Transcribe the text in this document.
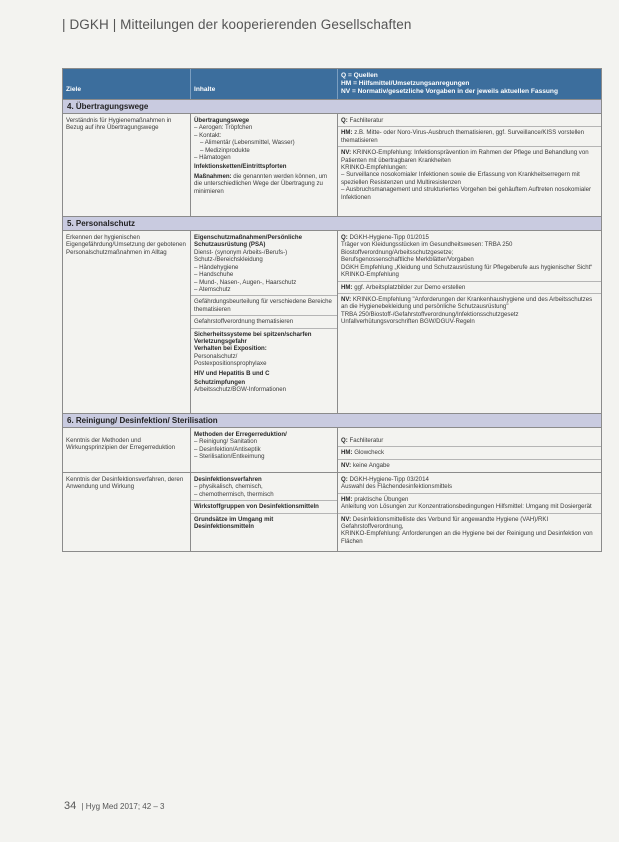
| DGKH | Mitteilungen der kooperierenden Gesellschaften
Ziele	Inhalte
Q = Quellen
HM = Hilfsmittel/Umsetzungsanregungen
NV = Normativ/gesetzliche Vorgaben in der jeweils aktuellen Fassung
4. Übertragungswege
Verständnis für Hygienemaßnahmen in Bezug auf ihre Übertragungswege
Übertragungswege
– Aerogen: Tröpfchen
– Kontakt:
– Alimentär (Lebensmittel, Wasser)
– Medizinprodukte
– Hämatogen
Infektionsketten/Eintrittspforten
Maßnahmen: die genannten werden können, um die unterschiedlichen Wege der Übertragung zu minimieren
Q: Fachliteratur
HM: z.B. Mitte- oder Noro-Virus-Ausbruch thematisieren, ggf. Surveillance/KISS vorstellen thematisieren
NV: KRINKO-Empfehlung: Infektionsprävention im Rahmen der Pflege und Behandlung von Patienten mit übertragbaren Krankheiten
KRINKO-Empfehlungen:
– Surveillance nosokomialer Infektionen sowie die Erfassung von Krankheitserregern mit speziellen Resistenzen und Multiresistenzen
– Ausbruchsmanagement und strukturiertes Vorgehen bei gehäuftem Auftreten nosokomialer Infektionen
5. Personalschutz
Erkennen der hygienischen Eigengefährdung/Umsetzung der gebotenen Personalschutzmaßnahmen im Alltag
Eigenschutzmaßnahmen/Persönliche Schutzausrüstung (PSA)
Dienst- (synonym Arbeits-/Berufs-) Schutz-/Bereichskleidung
– Händehygiene
– Handschuhe
– Mund-, Nasen-, Augen-, Haarschutz
– Atemschutz
Gefährdungsbeurteilung für verschiedene Bereiche thematisieren
Gefahrstoffverordnung thematisieren
Sicherheitssysteme bei spitzen/scharfen Verletzungsgefahr
Verhalten bei Exposition:
Personalschutz/
Postexpositionsprophylaxe
HIV und Hepatitis B und C
Schutzimpfungen
Arbeitsschutz/BGW-Informationen
Q: DGKH-Hygiene-Tipp 01/2015
Träger von Kleidungsstücken im Gesundheitswesen: TRBA 250 Biostoffverordnung/Arbeitsschutzgesetze;
Berufsgenossenschaftliche Merkblätter/Vorgaben
DGKH Empfehlung „Kleidung und Schutzausrüstung für Pflegeberufe aus hygienischer Sicht“
KRINKO-Empfehlung
HM: ggf. Arbeitsplatzbilder zur Demo erstellen
NV: KRINKO-Empfehlung "Anforderungen der Krankenhaushygiene und des Arbeitsschutzes an die Hygienebekleidung und persönliche Schutzausrüstung"
TRBA 250/Biostoff-/Gefahrstoffverordnung/Infektionsschutzgesetz
Unfallverhütungsvorschriften BGW/DGUV-Regeln
6. Reinigung/ Desinfektion/ Sterilisation
Kenntnis der Methoden und Wirkungsprinzipien der Erregerreduktion
Methoden der Erregerreduktion/
– Reinigung/ Sanitation
– Desinfektion/Antiseptik
– Sterilisation/Entkeimung
Q: Fachliteratur
HM: Glowcheck
NV: keine Angabe
Kenntnis der Desinfektionsverfahren, deren Anwendung und Wirkung
Desinfektionsverfahren
– physikalisch, chemisch,
– chemothermisch, thermisch
Wirkstoffgruppen von Desinfektionsmitteln
Grundsätze im Umgang mit Desinfektionsmitteln
Q: DGKH-Hygiene-Tipp 03/2014
Auswahl des Flächendesinfektionsmittels
HM: praktische Übungen
Anleitung von Lösungen zur Konzentrationsbedingungen Hilfsmittel: Umgang mit Dosiergerät
NV: Desinfektionsmittelliste des Verbund für angewandte Hygiene (VAH)/RKI Gefahrstoffverordnung,
KRINKO-Empfehlung: Anforderungen an die Hygiene bei der Reinigung und Desinfektion von Flächen
34 | Hyg Med 2017; 42 – 3
